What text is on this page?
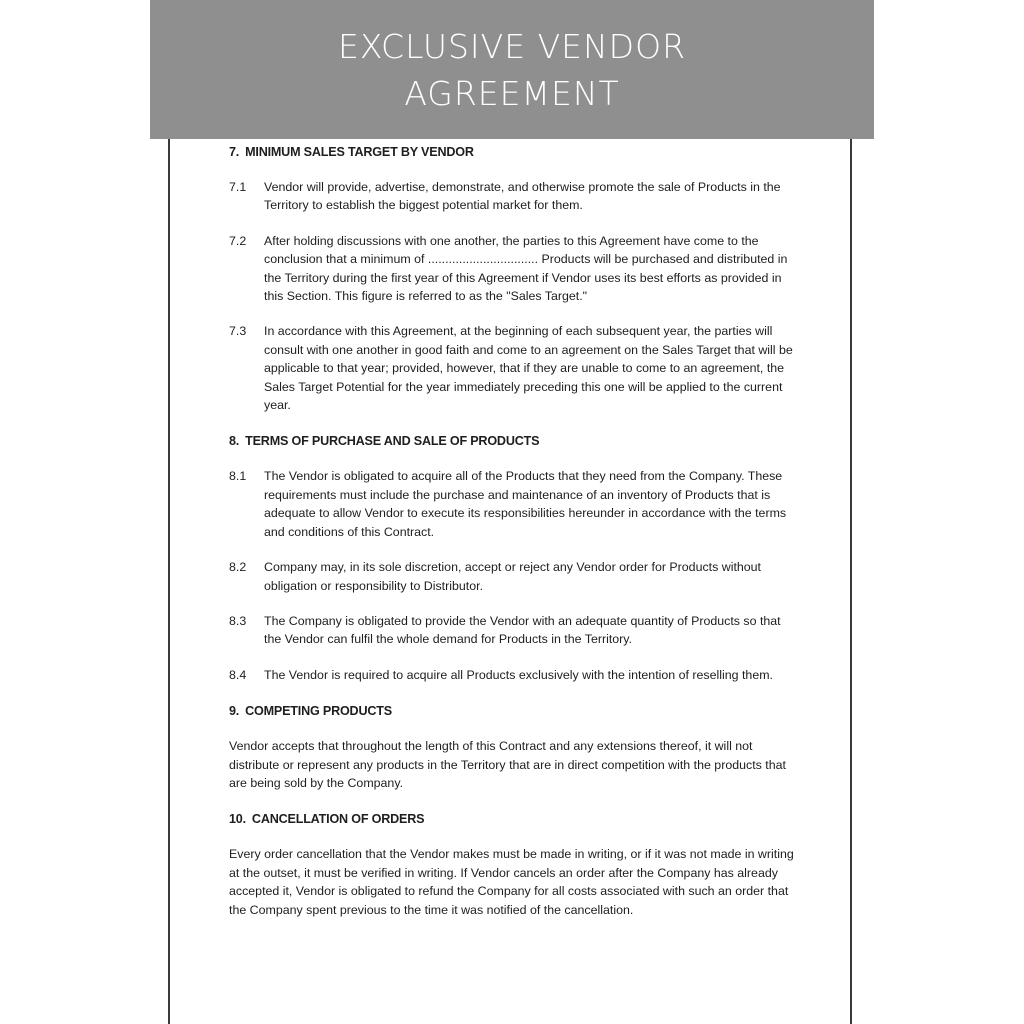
EXCLUSIVE VENDOR
AGREEMENT
7. MINIMUM SALES TARGET BY VENDOR
7.1	Vendor will provide, advertise, demonstrate, and otherwise promote the sale of Products in the Territory to establish the biggest potential market for them.
7.2	After holding discussions with one another, the parties to this Agreement have come to the conclusion that a minimum of ................................ Products will be purchased and distributed in the Territory during the first year of this Agreement if Vendor uses its best efforts as provided in this Section. This figure is referred to as the "Sales Target."
7.3	In accordance with this Agreement, at the beginning of each subsequent year, the parties will consult with one another in good faith and come to an agreement on the Sales Target that will be applicable to that year; provided, however, that if they are unable to come to an agreement, the Sales Target Potential for the year immediately preceding this one will be applied to the current year.
8. TERMS OF PURCHASE AND SALE OF PRODUCTS
8.1	The Vendor is obligated to acquire all of the Products that they need from the Company. These requirements must include the purchase and maintenance of an inventory of Products that is adequate to allow Vendor to execute its responsibilities hereunder in accordance with the terms and conditions of this Contract.
8.2	Company may, in its sole discretion, accept or reject any Vendor order for Products without obligation or responsibility to Distributor.
8.3	The Company is obligated to provide the Vendor with an adequate quantity of Products so that the Vendor can fulfil the whole demand for Products in the Territory.
8.4	The Vendor is required to acquire all Products exclusively with the intention of reselling them.
9. COMPETING PRODUCTS
Vendor accepts that throughout the length of this Contract and any extensions thereof, it will not distribute or represent any products in the Territory that are in direct competition with the products that are being sold by the Company.
10. CANCELLATION OF ORDERS
Every order cancellation that the Vendor makes must be made in writing, or if it was not made in writing at the outset, it must be verified in writing. If Vendor cancels an order after the Company has already accepted it, Vendor is obligated to refund the Company for all costs associated with such an order that the Company spent previous to the time it was notified of the cancellation.
